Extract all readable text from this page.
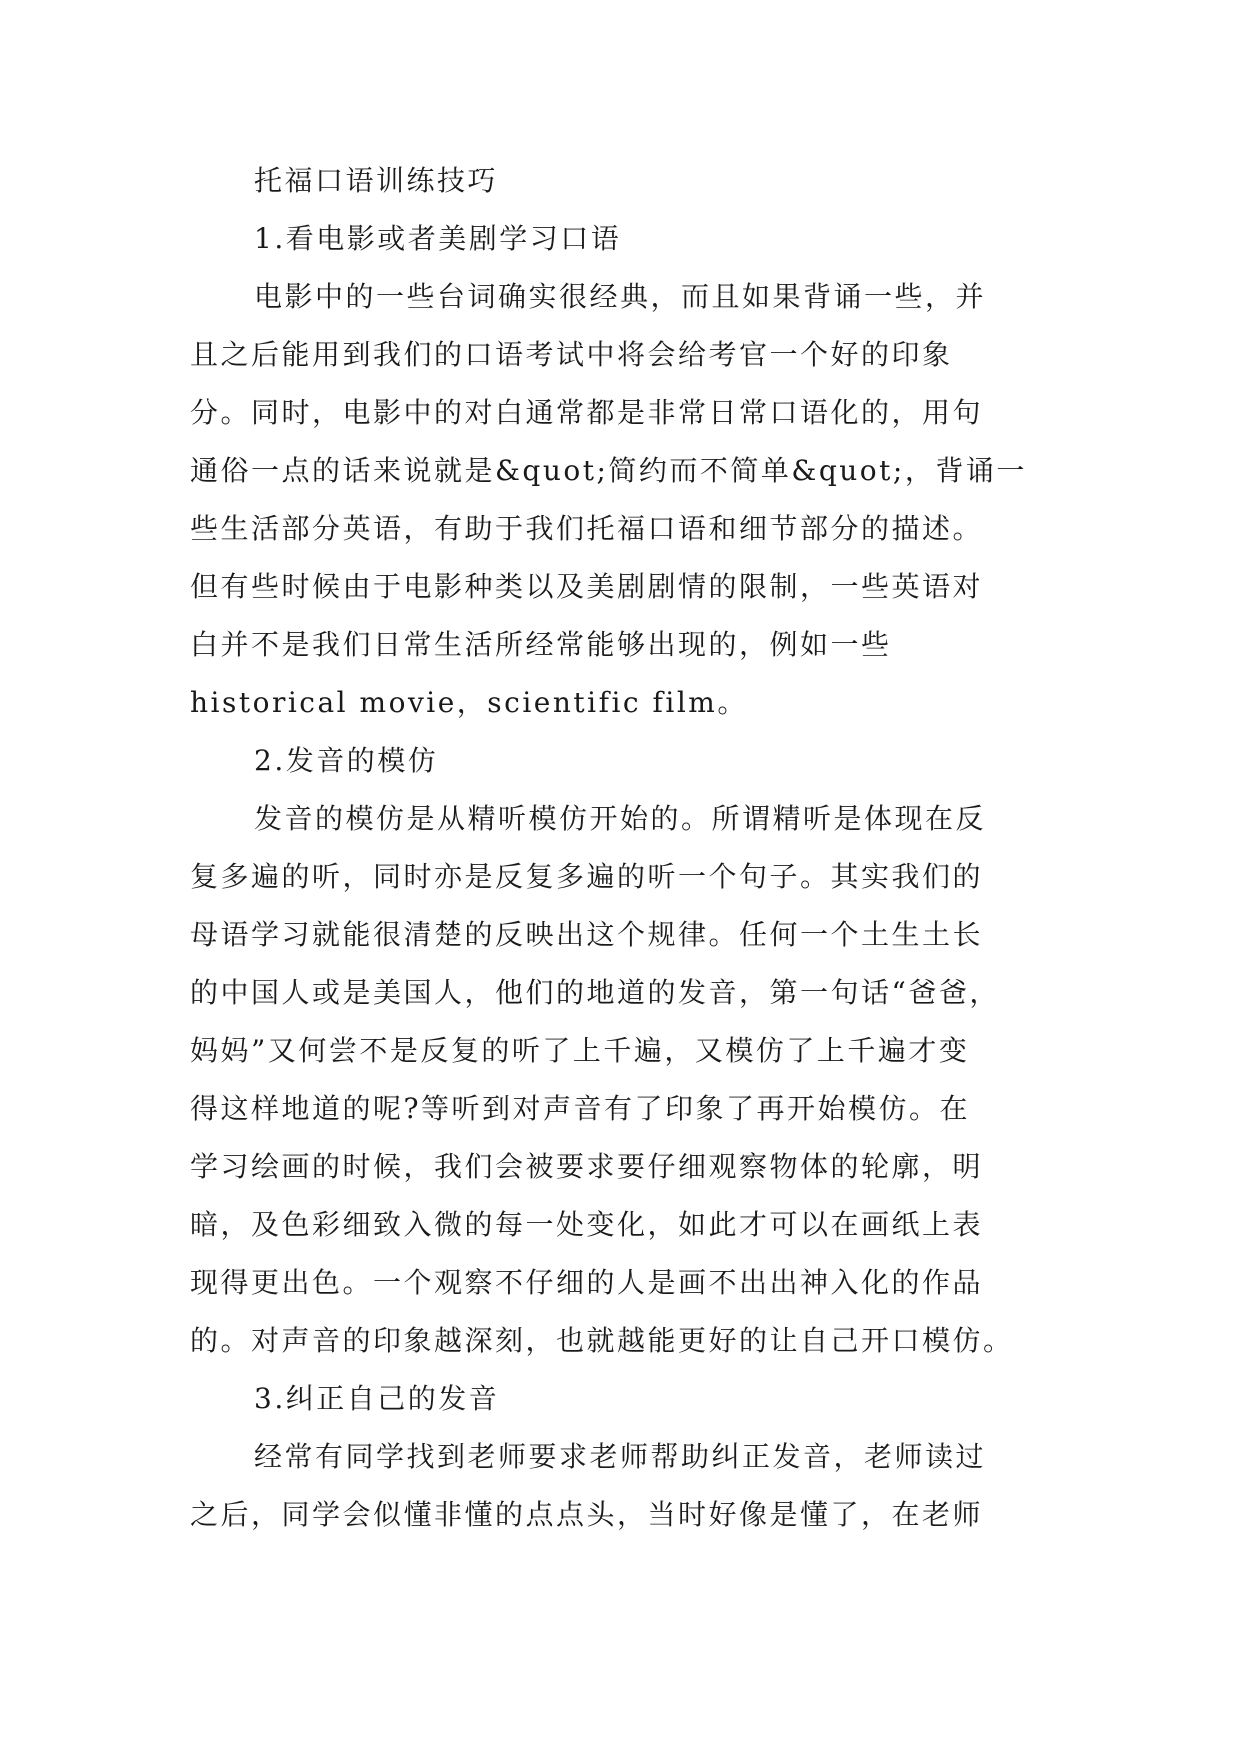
托福口语训练技巧
1.看电影或者美剧学习口语
电影中的一些台词确实很经典，而且如果背诵一些，并
且之后能用到我们的口语考试中将会给考官一个好的印象
分。同时，电影中的对白通常都是非常日常口语化的，用句
通俗一点的话来说就是&quot;简约而不简单&quot;，背诵一
些生活部分英语，有助于我们托福口语和细节部分的描述。
但有些时候由于电影种类以及美剧剧情的限制，一些英语对
白并不是我们日常生活所经常能够出现的，例如一些
historical movie，scientific film。
2.发音的模仿
发音的模仿是从精听模仿开始的。所谓精听是体现在反
复多遍的听，同时亦是反复多遍的听一个句子。其实我们的
母语学习就能很清楚的反映出这个规律。任何一个土生土长
的中国人或是美国人，他们的地道的发音，第一句话“爸爸，
妈妈”又何尝不是反复的听了上千遍，又模仿了上千遍才变
得这样地道的呢?等听到对声音有了印象了再开始模仿。在
学习绘画的时候，我们会被要求要仔细观察物体的轮廓，明
暗，及色彩细致入微的每一处变化，如此才可以在画纸上表
现得更出色。一个观察不仔细的人是画不出出神入化的作品
的。对声音的印象越深刻，也就越能更好的让自己开口模仿。
3.纠正自己的发音
经常有同学找到老师要求老师帮助纠正发音，老师读过
之后，同学会似懂非懂的点点头，当时好像是懂了，在老师
